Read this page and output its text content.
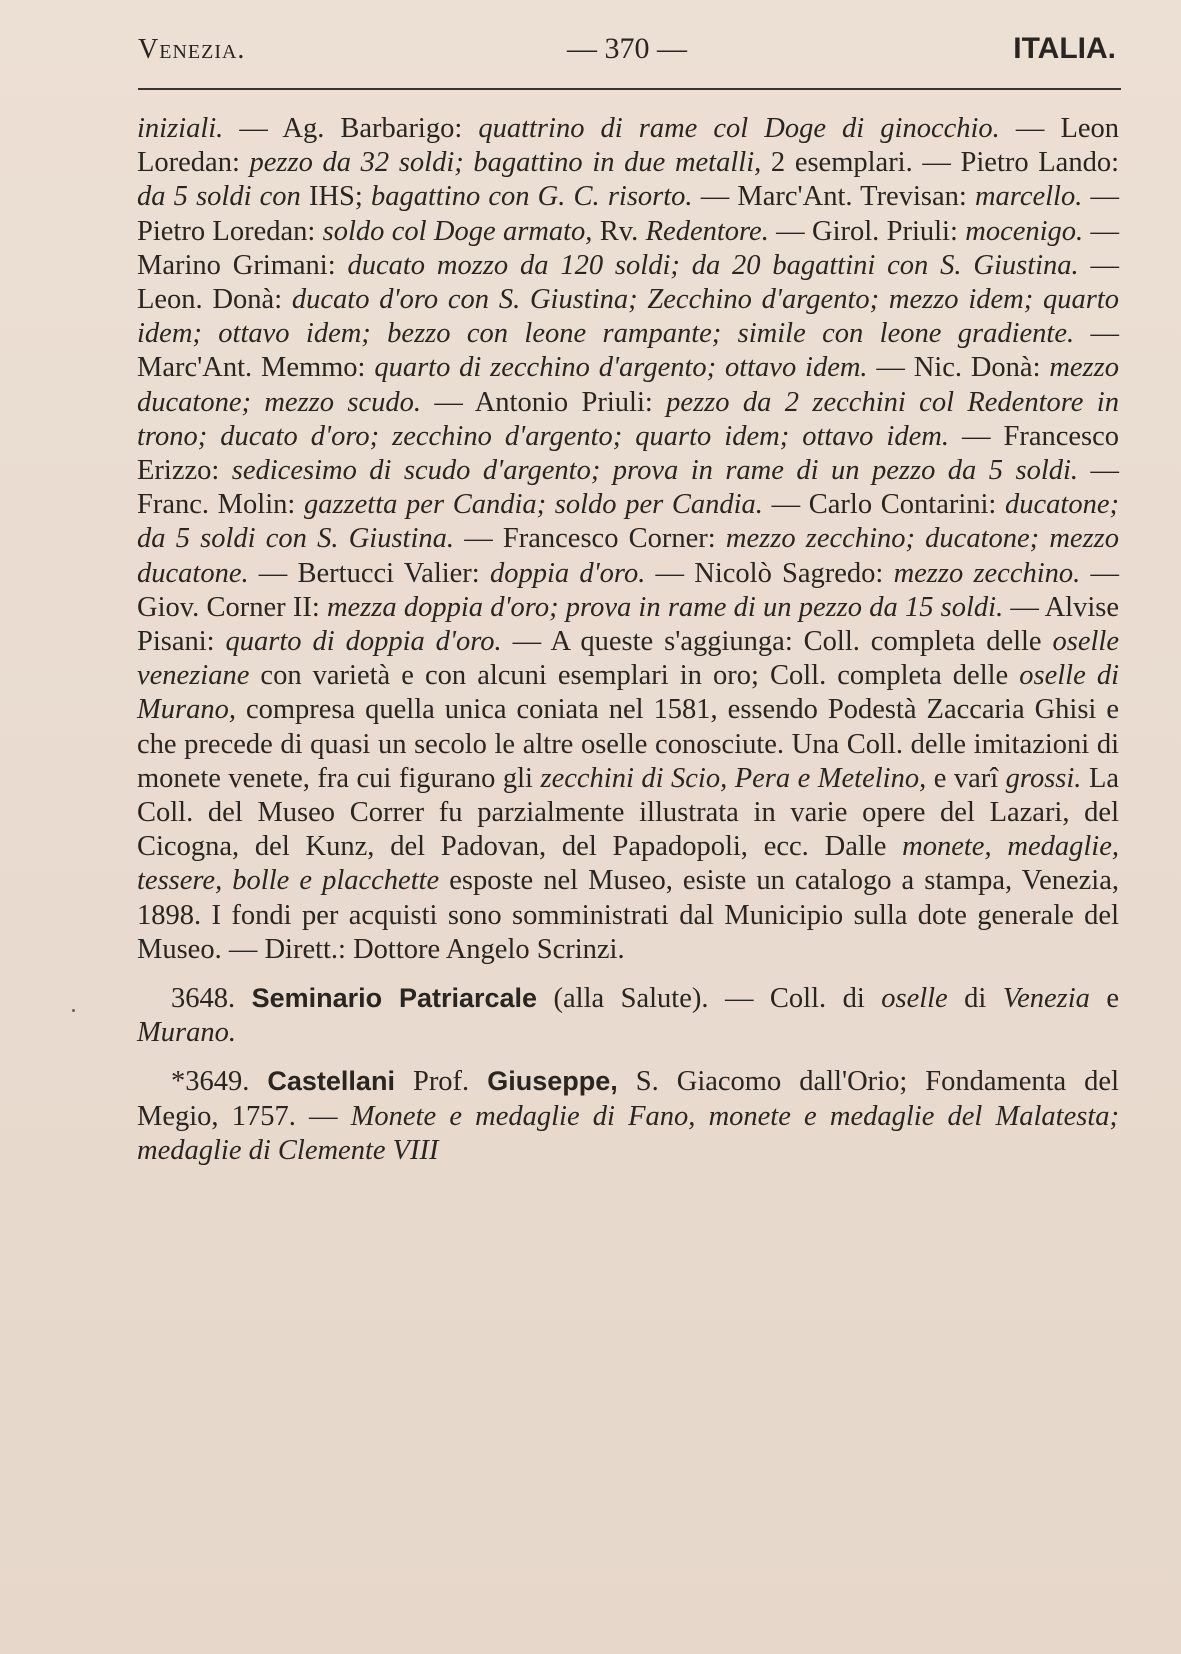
Venezia.	— 370 —	ITALIA.

iniziali. — Ag. Barbarigo: quattrino di rame col Doge di ginocchio. — Leon Loredan: pezzo da 32 soldi; bagattino in due metalli, 2 esemplari. — Pietro Lando: da 5 soldi con IHS; bagattino con G. C. risorto. — Marc'Ant. Trevisan: marcello. — Pietro Loredan: soldo col Doge armato, Rv. Redentore. — Girol. Priuli: mocenigo. — Marino Grimani: ducato mozzo da 120 soldi; da 20 bagattini con S. Giustina. — Leon. Donà: ducato d'oro con S. Giustina; Zecchino d'argento; mezzo idem; quarto idem; ottavo idem; bezzo con leone rampante; simile con leone gradiente. — Marc'Ant. Memmo: quarto di zecchino d'argento; ottavo idem. — Nic. Donà: mezzo ducatone; mezzo scudo. — Antonio Priuli: pezzo da 2 zecchini col Redentore in trono; ducato d'oro; zecchino d'argento; quarto idem; ottavo idem. — Francesco Erizzo: sedicesimo di scudo d'argento; prova in rame di un pezzo da 5 soldi. — Franc. Molin: gazzetta per Candia; soldo per Candia. — Carlo Contarini: ducatone; da 5 soldi con S. Giustina. — Francesco Corner: mezzo zecchino; ducatone; mezzo ducatone. — Bertucci Valier: doppia d'oro. — Nicolò Sagredo: mezzo zecchino. — Giov. Corner II: mezza doppia d'oro; prova in rame di un pezzo da 15 soldi. — Alvise Pisani: quarto di doppia d'oro. — A queste s'aggiunga: Coll. completa delle oselle veneziane con varietà e con alcuni esemplari in oro; Coll. completa delle oselle di Murano, compresa quella unica coniata nel 1581, essendo Podestà Zaccaria Ghisi e che precede di quasi un secolo le altre oselle conosciute. Una Coll. delle imitazioni di monete venete, fra cui figurano gli zecchini di Scio, Pera e Metelino, e varî grossi. La Coll. del Museo Correr fu parzialmente illustrata in varie opere del Lazari, del Cicogna, del Kunz, del Padovan, del Papadopoli, ecc. Dalle monete, medaglie, tessere, bolle e placchette esposte nel Museo, esiste un catalogo a stampa, Venezia, 1898. I fondi per acquisti sono somministrati dal Municipio sulla dote generale del Museo. — Dirett.: Dottore Angelo Scrinzi.

3648. Seminario Patriarcale (alla Salute). — Coll. di oselle di Venezia e Murano.

*3649. Castellani Prof. Giuseppe, S. Giacomo dall'Orio; Fondamenta del Megio, 1757. — Monete e medaglie di Fano, monete e medaglie del Malatesta; medaglie di Clemente VIII
